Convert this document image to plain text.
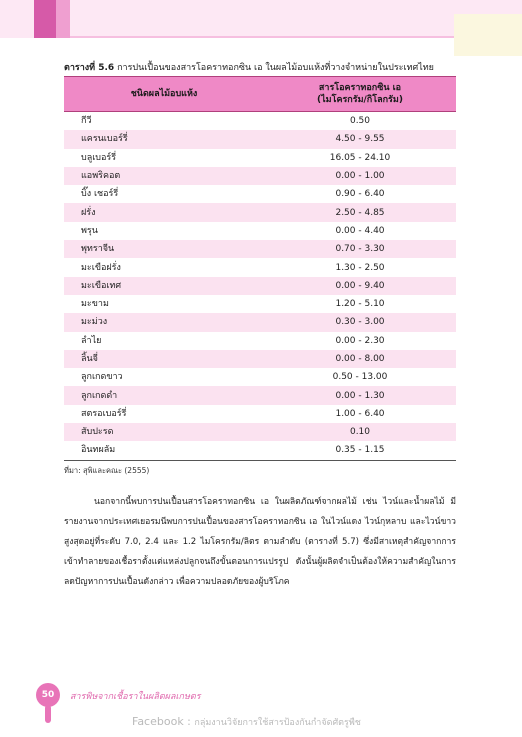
ตารางที่ 5.6 การปนเปื้อนของสารโอคราทอกซิน เอ ในผลไม้อบแห้งที่วางจำหน่ายในประเทศไทย
ชนิดผลไม้อบแห้ง	สารโอคราทอกซิน เอ
(ไมโครกรัม/กิโลกรัม)

กีวี	0.50
แครนเบอร์รี่	4.50 - 9.55
บลูเบอร์รี่	16.05 - 24.10
แอพริคอต	0.00 - 1.00
บิ๊ง เชอร์รี่	0.90 - 6.40
ฝรั่ง	2.50 - 4.85
พรุน	0.00 - 4.40
พุทราจีน	0.70 - 3.30
มะเขือฝรั่ง	1.30 - 2.50
มะเขือเทศ	0.00 - 9.40
มะขาม	1.20 - 5.10
มะม่วง	0.30 - 3.00
ลำไย	0.00 - 2.30
ลิ้นจี่	0.00 - 8.00
ลูกเกดขาว	0.50 - 13.00
ลูกเกดดำ	0.00 - 1.30
สตรอเบอร์รี่	1.00 - 6.40
สับปะรด	0.10
อินทผลัม	0.35 - 1.15
ที่มา: สุพิและคณะ (2555)
นอกจากนี้พบการปนเปื้อนสารโอคราทอกซิน เอ ในผลิตภัณฑ์จากผลไม้ เช่น ไวน์และน้ำผลไม้ มีรายงานจากประเทศเยอรมนีพบการปนเปื้อนของสารโอคราทอกซิน เอ ในไวน์แดง ไวน์กุหลาบ และไวน์ขาว สูงสุดอยู่ที่ระดับ 7.0, 2.4 และ 1.2 ไมโครกรัม/ลิตร ตามลำดับ (ตารางที่ 5.7) ซึ่งมีสาเหตุสำคัญจากการเข้าทำลายของเชื้อราตั้งแต่แหล่งปลูกจนถึงขั้นตอนการแปรรูป ดังนั้นผู้ผลิตจำเป็นต้องให้ความสำคัญในการลดปัญหาการปนเปื้อนดังกล่าว เพื่อความปลอดภัยของผู้บริโภค
50	สารพิษจากเชื้อราในผลิตผลเกษตร
Facebook : กลุ่มงานวิจัยการใช้สารป้องกันกำจัดศัตรูพืช
